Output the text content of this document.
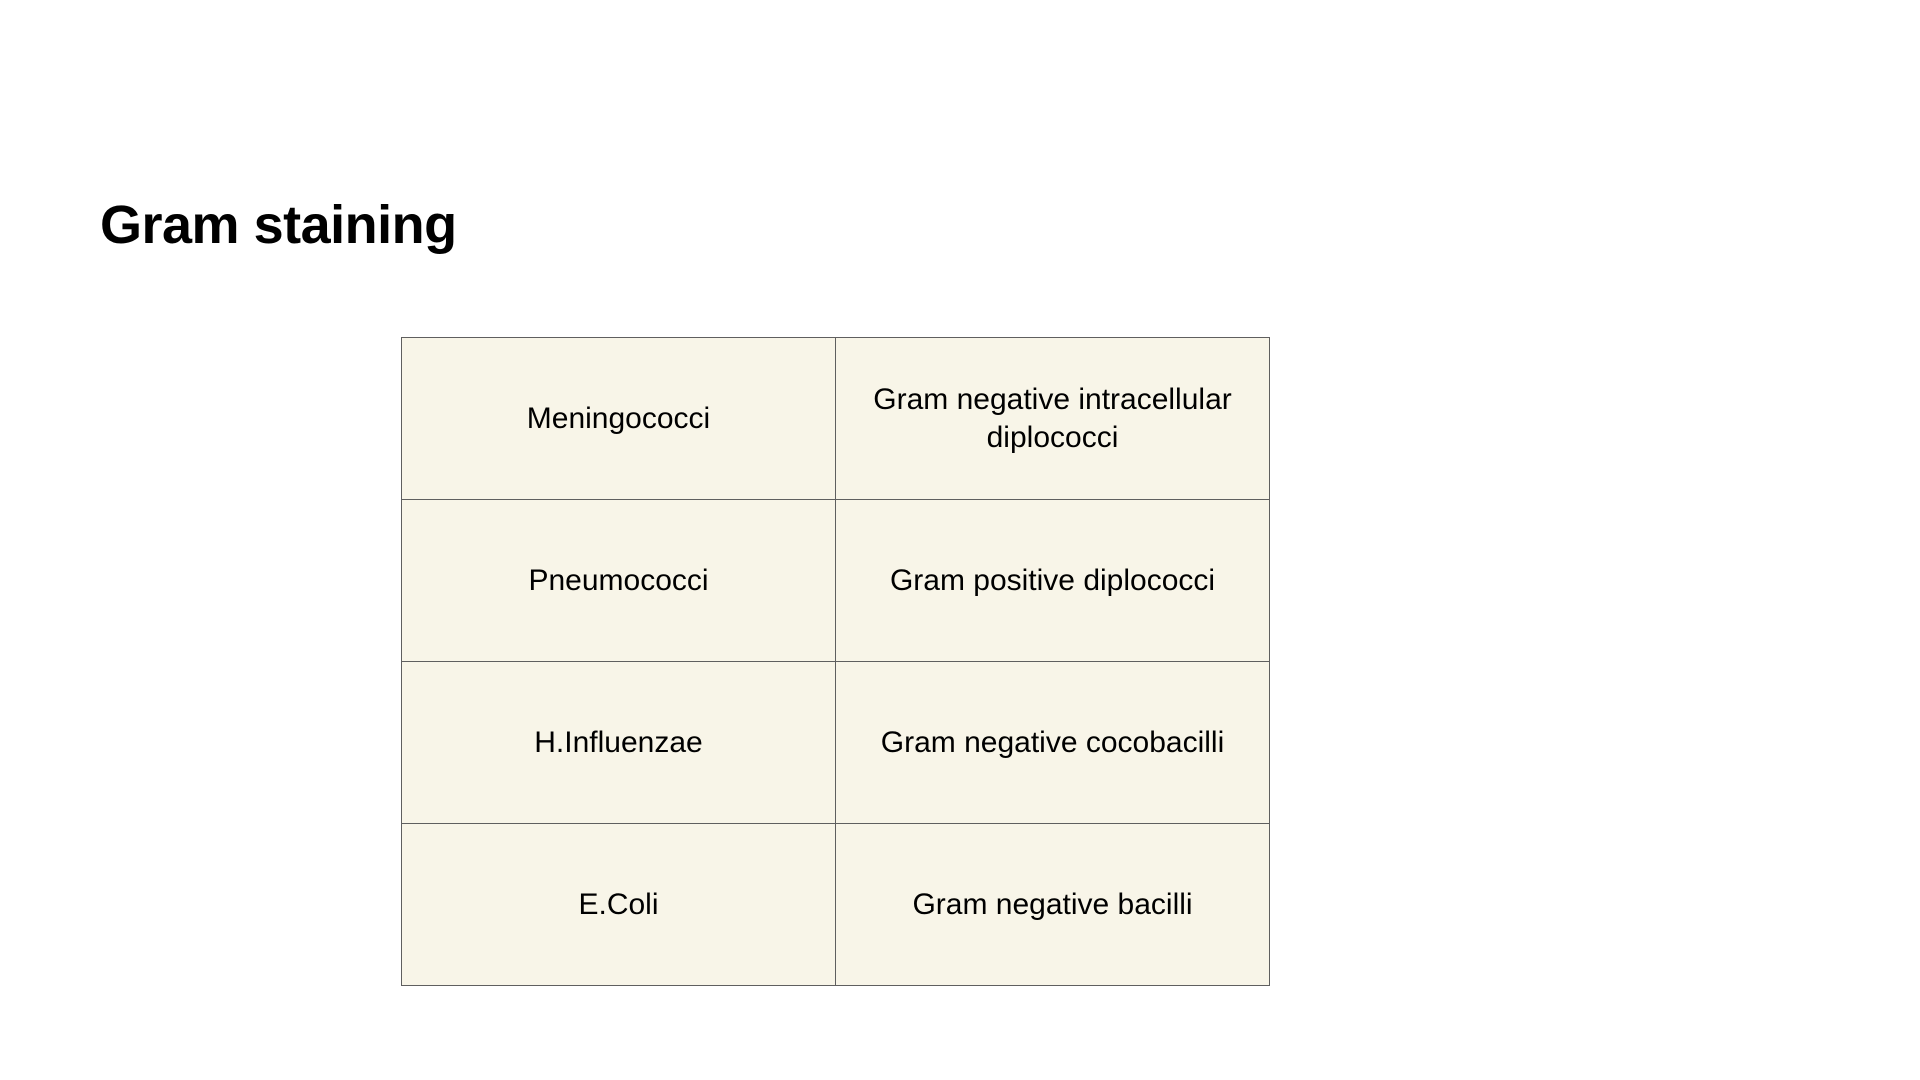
Gram staining
Meningococci	Gram negative intracellular diplococci
Pneumococci	Gram positive diplococci
H.Influenzae	Gram negative cocobacilli
E.Coli	Gram negative bacilli
